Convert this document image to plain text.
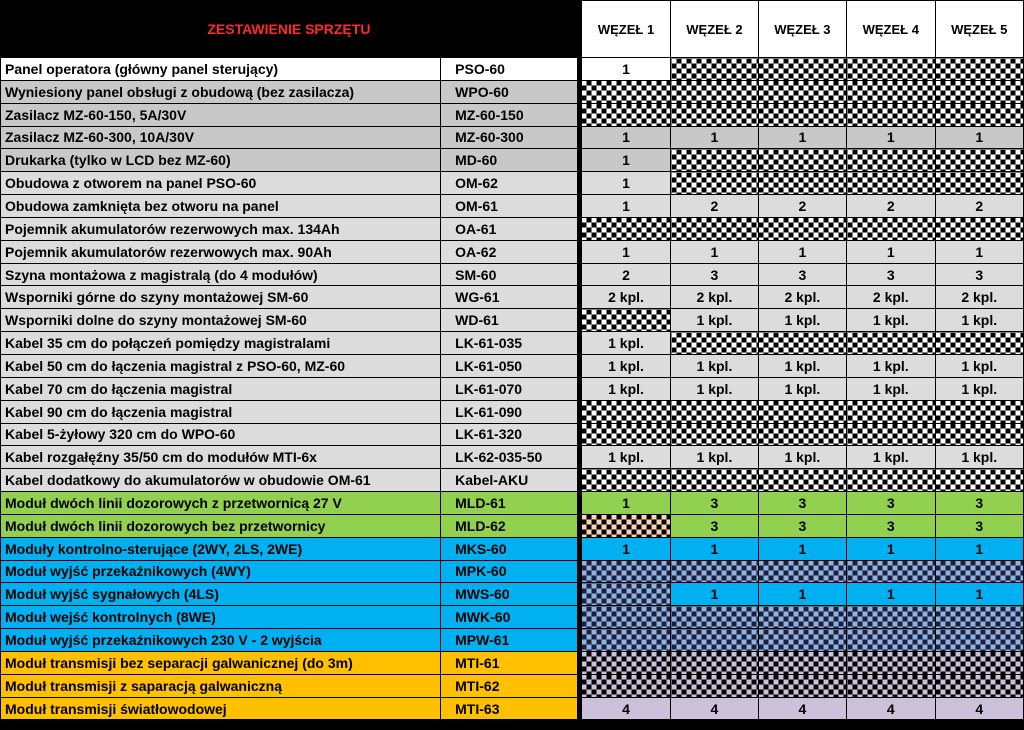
ZESTAWIENIE SPRZĘTU			WĘZEŁ 1	WĘZEŁ 2	WĘZEŁ 3	WĘZEŁ 4	WĘZEŁ 5
Panel operatora (główny panel sterujący)	PSO-60		1				
Wyniesiony panel obsługi z obudową (bez zasilacza)	WPO-60						
Zasilacz MZ-60-150, 5A/30V	MZ-60-150						
Zasilacz MZ-60-300, 10A/30V	MZ-60-300		1	1	1	1	1
Drukarka (tylko w LCD bez MZ-60)	MD-60		1				
Obudowa z otworem na panel PSO-60	OM-62		1				
Obudowa zamknięta bez otworu na panel	OM-61		1	2	2	2	2
Pojemnik akumulatorów rezerwowych max. 134Ah	OA-61						
Pojemnik akumulatorów rezerwowych max. 90Ah	OA-62		1	1	1	1	1
Szyna montażowa z magistralą (do 4 modułów)	SM-60		2	3	3	3	3
Wsporniki górne do szyny montażowej SM-60	WG-61		2 kpl.	2 kpl.	2 kpl.	2 kpl.	2 kpl.
Wsporniki dolne do szyny montażowej SM-60	WD-61			1 kpl.	1 kpl.	1 kpl.	1 kpl.
Kabel 35 cm do połączeń pomiędzy magistralami	LK-61-035		1 kpl.				
Kabel 50 cm do łączenia magistral z PSO-60, MZ-60	LK-61-050		1 kpl.	1 kpl.	1 kpl.	1 kpl.	1 kpl.
Kabel 70 cm do łączenia magistral	LK-61-070		1 kpl.	1 kpl.	1 kpl.	1 kpl.	1 kpl.
Kabel 90 cm do łączenia magistral	LK-61-090						
Kabel 5-żyłowy 320 cm do WPO-60	LK-61-320						
Kabel rozgałęźny 35/50 cm do modułów MTI-6x	LK-62-035-50		1 kpl.	1 kpl.	1 kpl.	1 kpl.	1 kpl.
Kabel dodatkowy do akumulatorów w obudowie OM-61	Kabel-AKU						
Moduł dwóch linii dozorowych z przetwornicą 27 V	MLD-61		1	3	3	3	3
Moduł dwóch linii dozorowych bez przetwornicy	MLD-62			3	3	3	3
Moduły kontrolno-sterujące (2WY, 2LS, 2WE)	MKS-60		1	1	1	1	1
Moduł wyjść przekaźnikowych (4WY)	MPK-60						
Moduł wyjść sygnałowych (4LS)	MWS-60			1	1	1	1
Moduł wejść kontrolnych (8WE)	MWK-60						
Moduł wyjść przekaźnikowych 230 V - 2 wyjścia	MPW-61						
Moduł transmisji bez separacji galwanicznej (do 3m)	MTI-61						
Moduł transmisji z saparacją galwaniczną	MTI-62						
Moduł transmisji światłowodowej	MTI-63		4	4	4	4	4
